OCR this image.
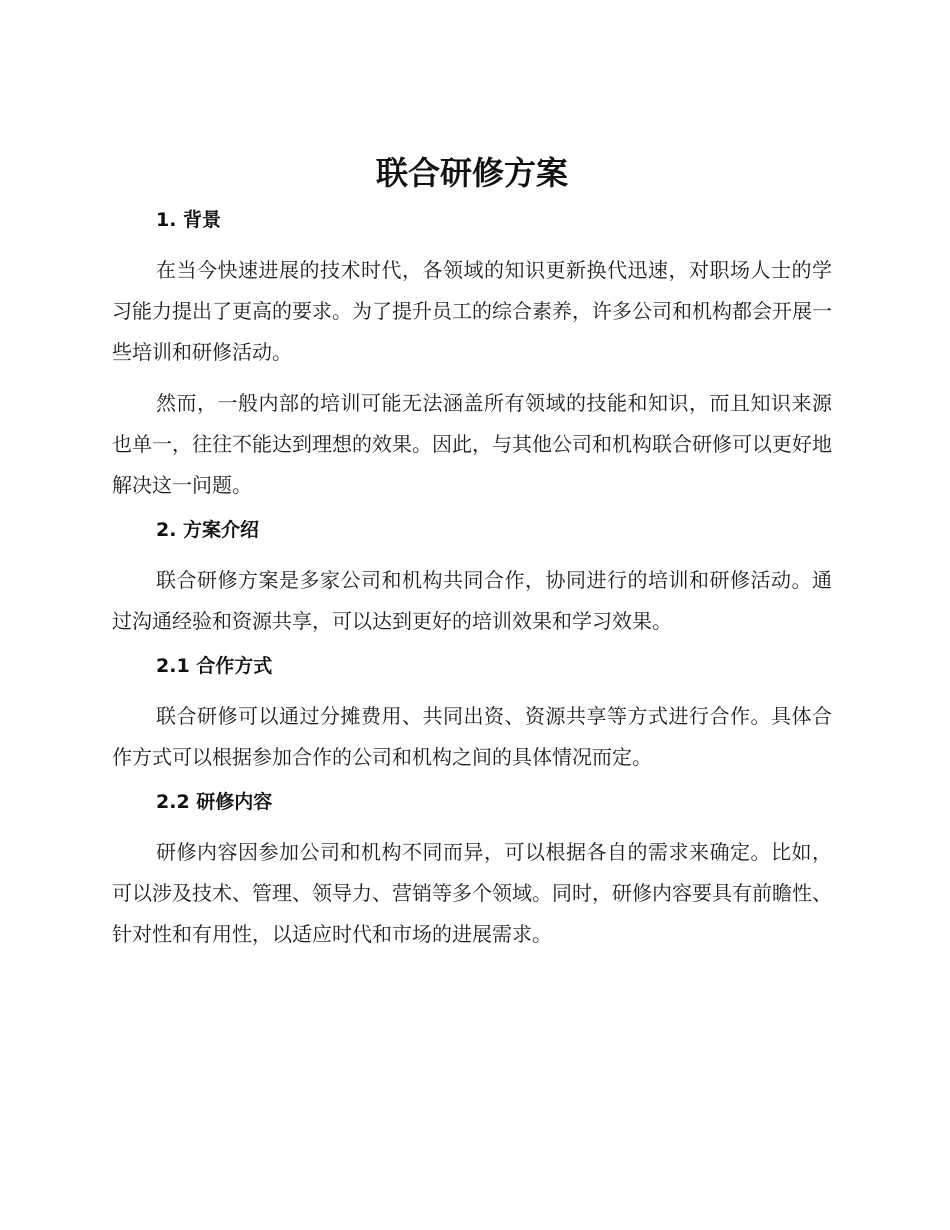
联合研修方案
1. 背景

在当今快速进展的技术时代，各领域的知识更新换代迅速，对职场人士的学习能力提出了更高的要求。为了提升员工的综合素养，许多公司和机构都会开展一些培训和研修活动。

然而，一般内部的培训可能无法涵盖所有领域的技能和知识，而且知识来源也单一，往往不能达到理想的效果。因此，与其他公司和机构联合研修可以更好地解决这一问题。

2. 方案介绍

联合研修方案是多家公司和机构共同合作，协同进行的培训和研修活动。通过沟通经验和资源共享，可以达到更好的培训效果和学习效果。

2.1 合作方式

联合研修可以通过分摊费用、共同出资、资源共享等方式进行合作。具体合作方式可以根据参加合作的公司和机构之间的具体情况而定。

2.2 研修内容

研修内容因参加公司和机构不同而异，可以根据各自的需求来确定。比如，可以涉及技术、管理、领导力、营销等多个领域。同时，研修内容要具有前瞻性、针对性和有用性，以适应时代和市场的进展需求。
